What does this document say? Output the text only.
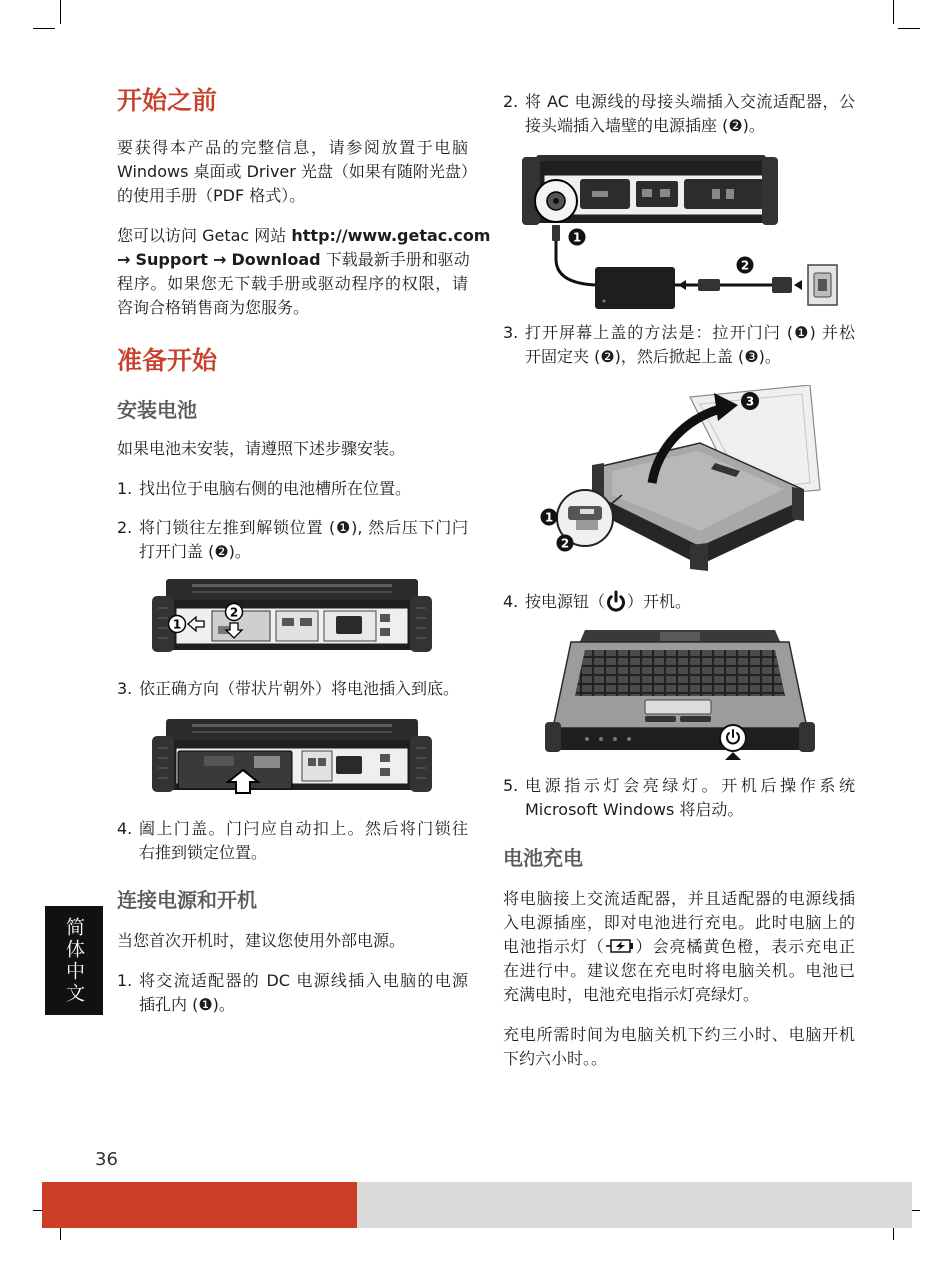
开始之前
要获得本产品的完整信息，请参阅放置于电脑
Windows 桌面或 Driver 光盘（如果有随附光盘）
的使用手册（PDF 格式）。
您可以访问 Getac 网站 http://www.getac.com
→ Support → Download 下载最新手册和驱动
程序。如果您无下载手册或驱动程序的权限，请
咨询合格销售商为您服务。
准备开始
安装电池
如果电池未安装，请遵照下述步骤安装。
1. 找出位于电脑右侧的电池槽所在位置。
2. 将门锁往左推到解锁位置 (❶), 然后压下门闩
打开门盖 (❷)。
1
2
3. 依正确方向（带状片朝外）将电池插入到底。
4. 阖上门盖。门闩应自动扣上。然后将门锁往
右推到锁定位置。
连接电源和开机
当您首次开机时，建议您使用外部电源。
1. 将交流适配器的 DC 电源线插入电脑的电源
插孔内 (❶)。
2. 将 AC 电源线的母接头端插入交流适配器，公
接头端插入墙壁的电源插座 (❷)。
1
2
3. 打开屏幕上盖的方法是：拉开门闩 (❶) 并松
开固定夹 (❷)，然后掀起上盖 (❸)。
3
1
2
4. 按电源钮（ ）开机。
5. 电源指示灯会亮绿灯。开机后操作系统
Microsoft Windows 将启动。
电池充电
将电脑接上交流适配器，并且适配器的电源线插
入电源插座，即对电池进行充电。此时电脑上的
电池指示灯（ ）会亮橘黄色橙，表示充电正
在进行中。建议您在充电时将电脑关机。电池已
充满电时，电池充电指示灯亮绿灯。
充电所需时间为电脑关机下约三小时、电脑开机
下约六小时。。
简体中文
36
